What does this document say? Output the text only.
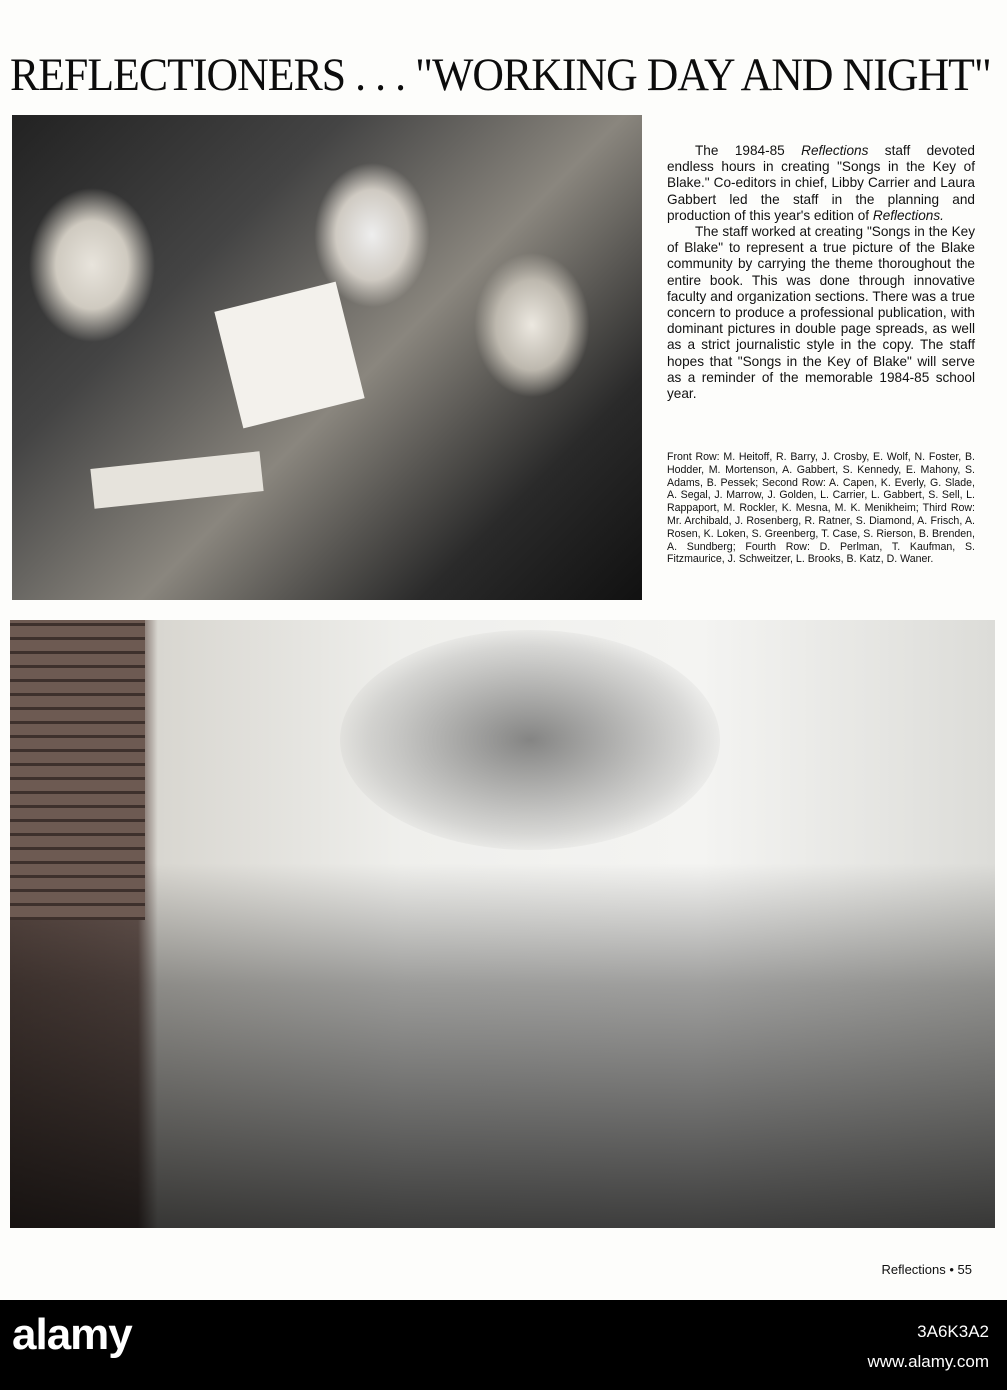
REFLECTIONERS . . . "WORKING DAY AND NIGHT"

The 1984-85 Reflections staff devoted endless hours in creating "Songs in the Key of Blake." Co-editors in chief, Libby Carrier and Laura Gabbert led the staff in the planning and production of this year's edition of Reflections.

The staff worked at creating "Songs in the Key of Blake" to represent a true picture of the Blake community by carrying the theme thoroughout the entire book. This was done through innovative faculty and organization sections. There was a true concern to produce a professional publication, with dominant pictures in double page spreads, as well as a strict journalistic style in the copy. The staff hopes that "Songs in the Key of Blake" will serve as a reminder of the memorable 1984-85 school year.

Front Row: M. Heitoff, R. Barry, J. Crosby, E. Wolf, N. Foster, B. Hodder, M. Mortenson, A. Gabbert, S. Kennedy, E. Mahony, S. Adams, B. Pessek; Second Row: A. Capen, K. Everly, G. Slade, A. Segal, J. Marrow, J. Golden, L. Carrier, L. Gabbert, S. Sell, L. Rappaport, M. Rockler, K. Mesna, M. K. Menikheim; Third Row: Mr. Archibald, J. Rosenberg, R. Ratner, S. Diamond, A. Frisch, A. Rosen, K. Loken, S. Greenberg, T. Case, S. Rierson, B. Brenden, A. Sundberg; Fourth Row: D. Perlman, T. Kaufman, S. Fitzmaurice, J. Schweitzer, L. Brooks, B. Katz, D. Waner.
Reflections • 55
alamy	3A6K3A2
www.alamy.com
